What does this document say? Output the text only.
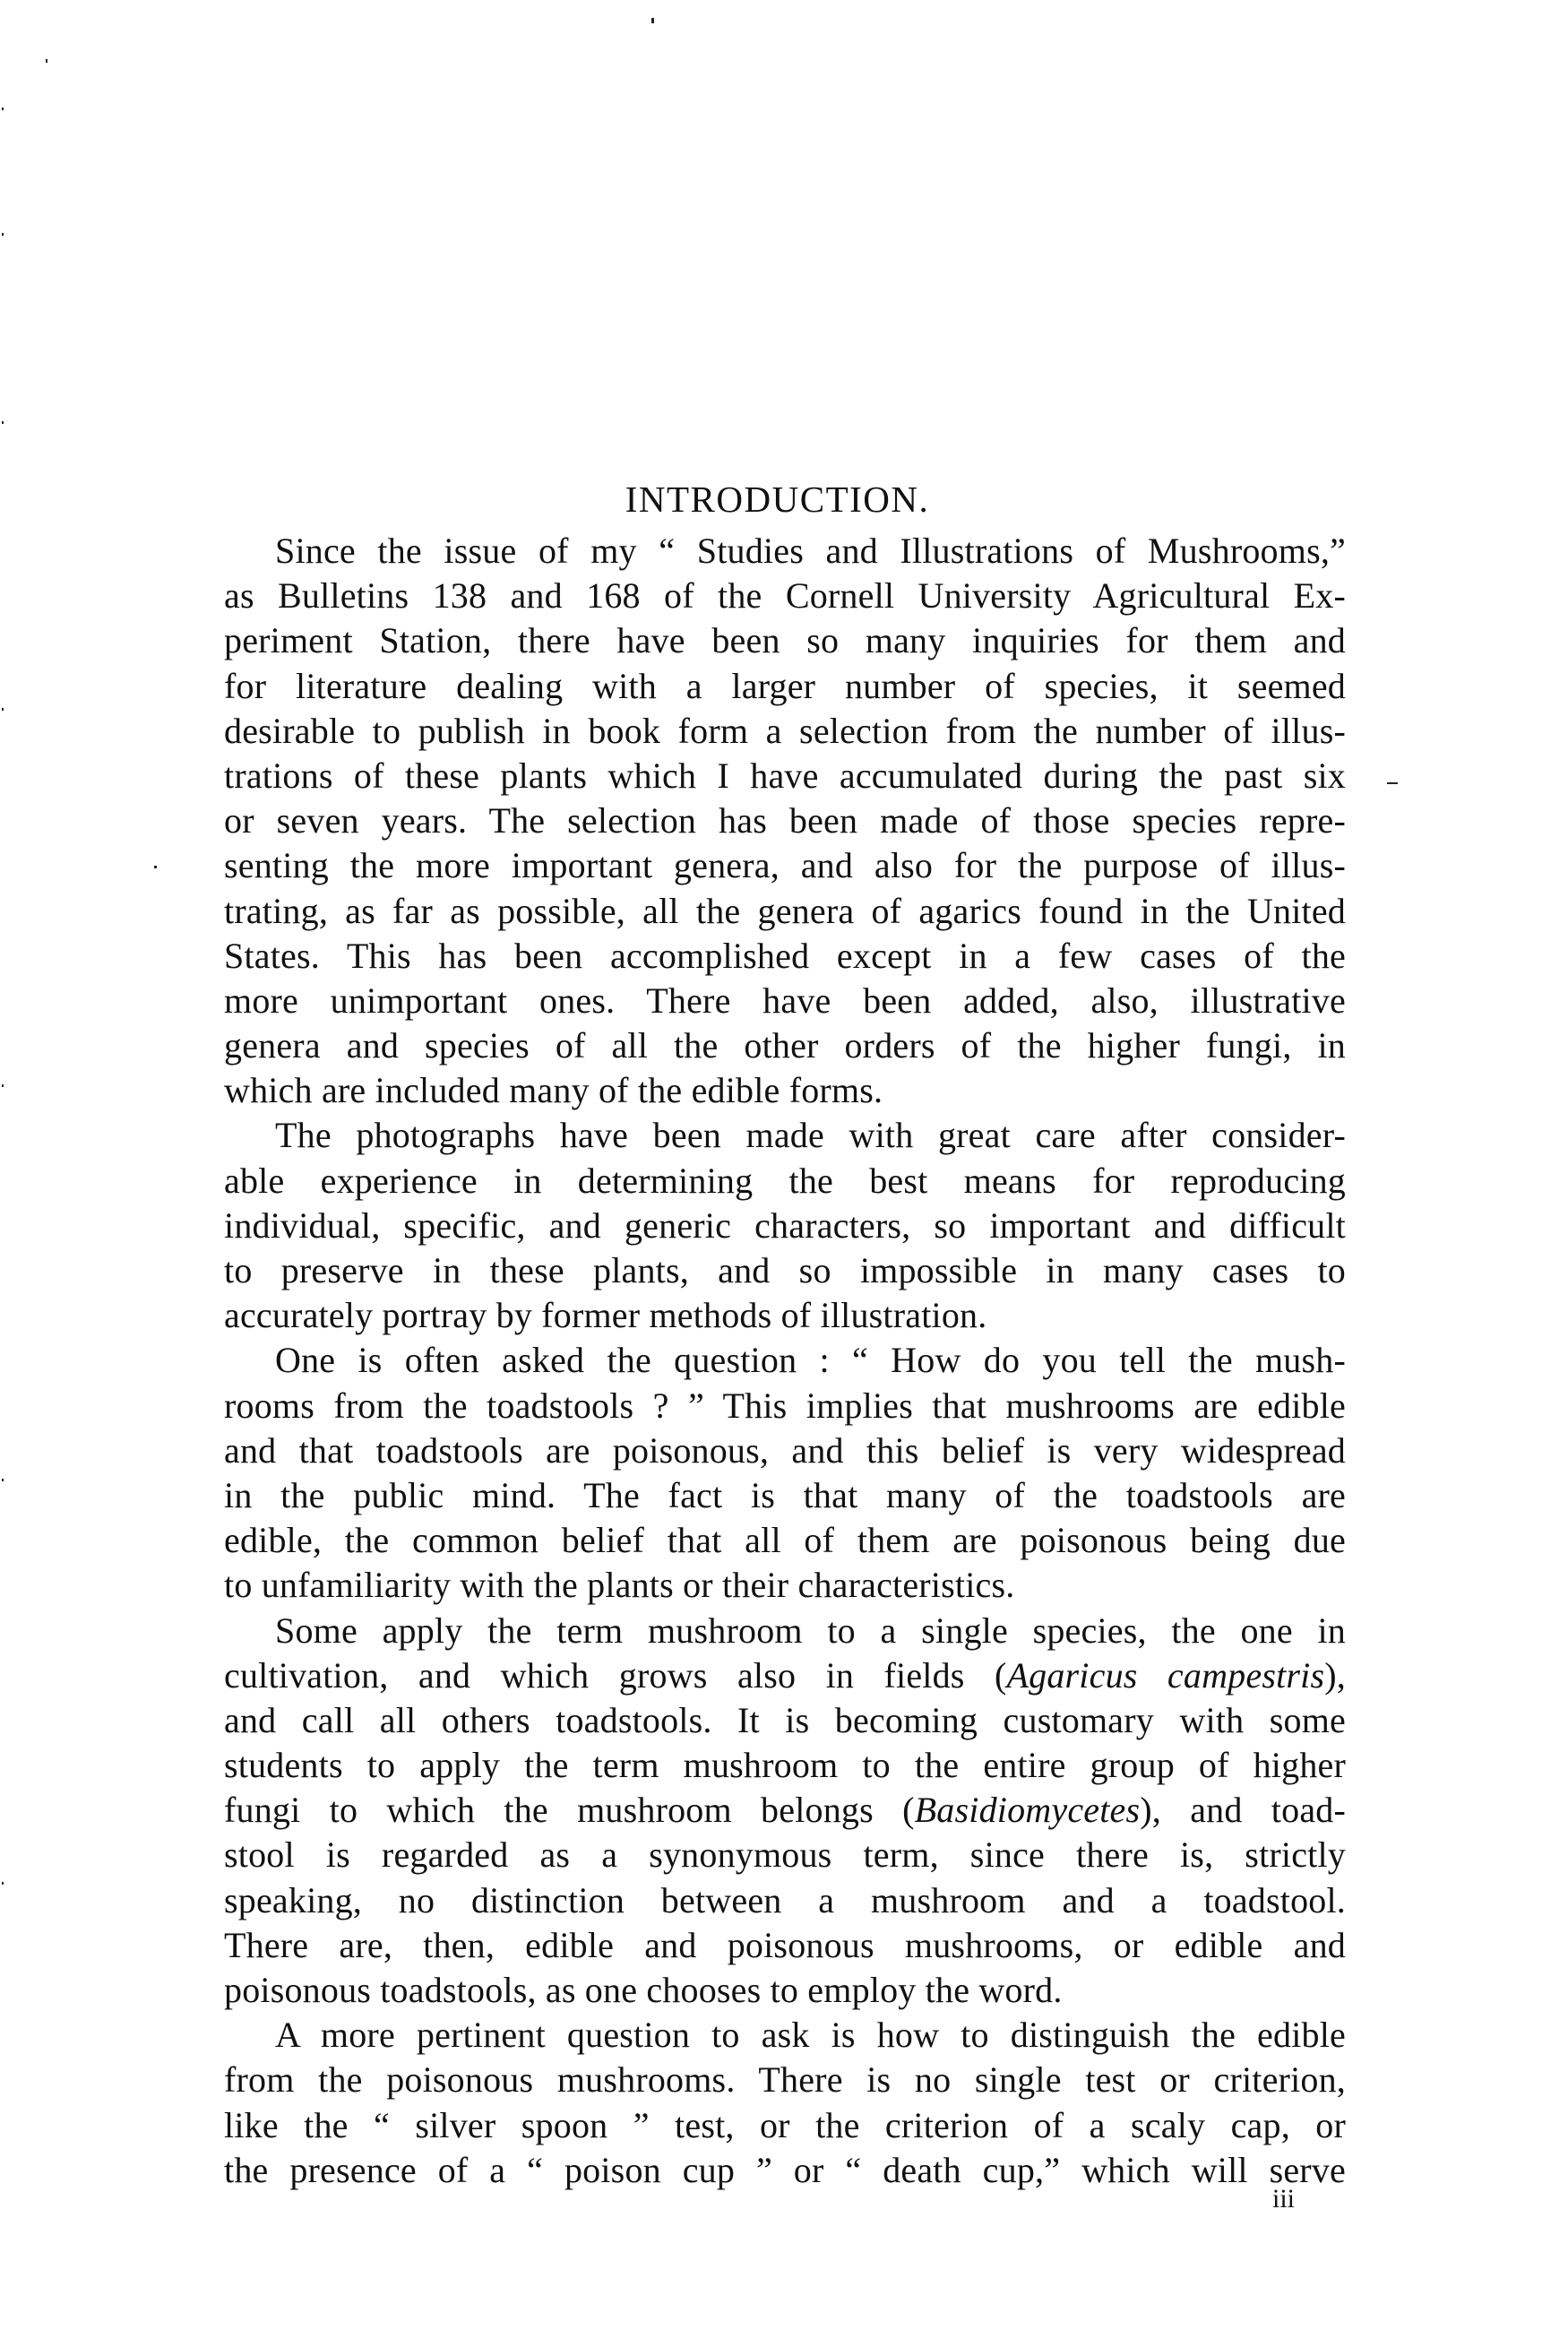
INTRODUCTION.
Since the issue of my “ Studies and Illustrations of Mushrooms,”
as Bulletins 138 and 168 of the Cornell University Agricultural Ex-
periment Station, there have been so many inquiries for them and
for literature dealing with a larger number of species, it seemed
desirable to publish in book form a selection from the number of illus-
trations of these plants which I have accumulated during the past six
or seven years. The selection has been made of those species repre-
senting the more important genera, and also for the purpose of illus-
trating, as far as possible, all the genera of agarics found in the United
States. This has been accomplished except in a few cases of the
more unimportant ones. There have been added, also, illustrative
genera and species of all the other orders of the higher fungi, in
which are included many of the edible forms.
The photographs have been made with great care after consider-
able experience in determining the best means for reproducing
individual, specific, and generic characters, so important and difficult
to preserve in these plants, and so impossible in many cases to
accurately portray by former methods of illustration.
One is often asked the question : “ How do you tell the mush-
rooms from the toadstools ? ” This implies that mushrooms are edible
and that toadstools are poisonous, and this belief is very widespread
in the public mind. The fact is that many of the toadstools are
edible, the common belief that all of them are poisonous being due
to unfamiliarity with the plants or their characteristics.
Some apply the term mushroom to a single species, the one in
cultivation, and which grows also in fields (Agaricus campestris),
and call all others toadstools. It is becoming customary with some
students to apply the term mushroom to the entire group of higher
fungi to which the mushroom belongs (Basidiomycetes), and toad-
stool is regarded as a synonymous term, since there is, strictly
speaking, no distinction between a mushroom and a toadstool.
There are, then, edible and poisonous mushrooms, or edible and
poisonous toadstools, as one chooses to employ the word.
A more pertinent question to ask is how to distinguish the edible
from the poisonous mushrooms. There is no single test or criterion,
like the “ silver spoon ” test, or the criterion of a scaly cap, or
the presence of a “ poison cup ” or “ death cup,” which will serve
iii
